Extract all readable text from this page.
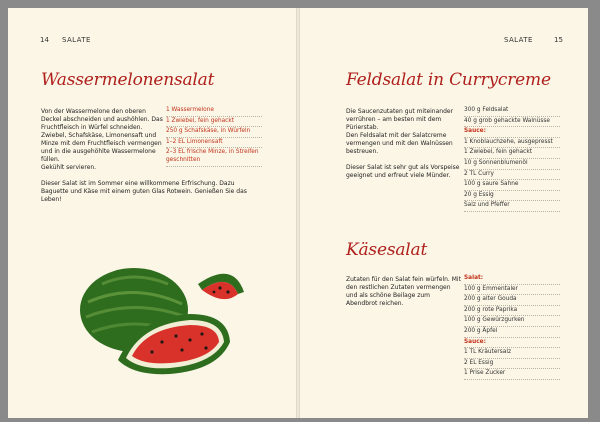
14 SALATE
Wassermelonensalat

Von der Wassermelone den oberen Deckel abschneiden und aushöhlen. Das Fruchtfleisch in Würfel schneiden.

Zwiebel, Schafskäse, Limonensaft und Minze mit dem Fruchtfleisch vermengen und in die ausgehöhlte Wassermelone füllen.

Gekühlt servieren.

Dieser Salat ist im Sommer eine willkommene Erfrischung. Dazu Baguette und Käse mit einem guten Glas Rotwein. Genießen Sie das Leben!

1 Wassermelone
1 Zwiebel, fein gehackt
250 g Schafskäse, in Würfeln
1–2 EL Limonensaft
2–3 EL frische Minze, in Streifen geschnitten
SALATE	15
Feldsalat in Currycreme

Die Saucenzutaten gut miteinander verrühren – am besten mit dem Pürierstab.

Den Feldsalat mit der Salatcreme vermengen und mit den Walnüssen bestreuen.

Dieser Salat ist sehr gut als Vorspeise geeignet und erfreut viele Münder.

300 g Feldsalat
40 g grob gehackte Walnüsse
Sauce:
1 Knoblauchzehe, ausgepresst
1 Zwiebel, fein gehackt
10 g Sonnenblumenöl
2 TL Curry
100 g saure Sahne
20 g Essig
Salz und Pfeffer
Käsesalat

Zutaten für den Salat fein würfeln. Mit den restlichen Zutaten vermengen und als schöne Beilage zum Abendbrot reichen.

Salat:
100 g Emmentaler
200 g alter Gouda
200 g rote Paprika
100 g Gewürzgurken
200 g Äpfel
Sauce:
1 TL Kräutersalz
2 EL Essig
1 Prise Zucker
